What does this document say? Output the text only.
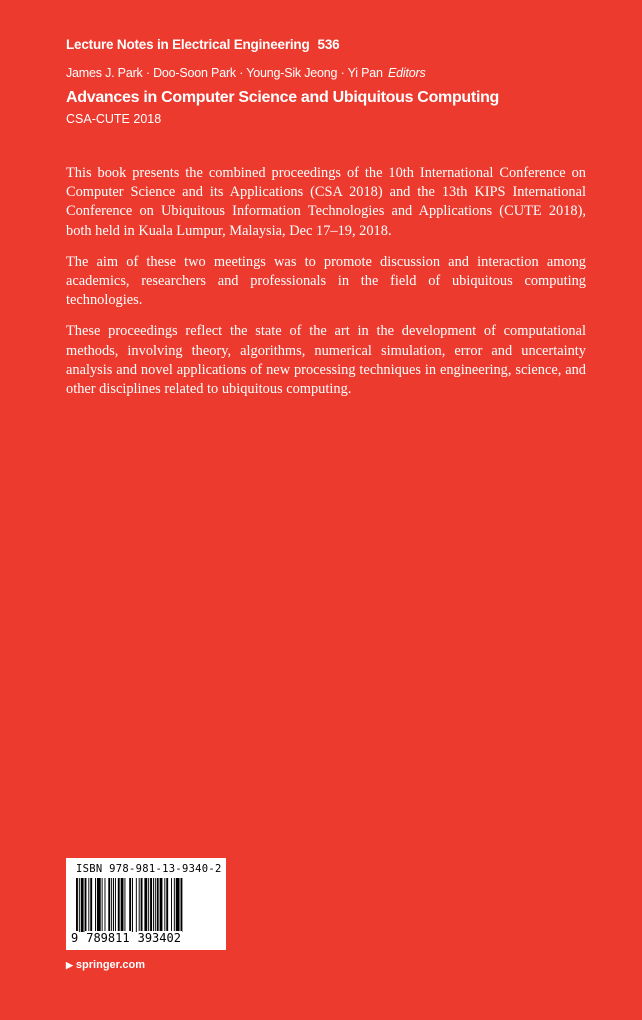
Lecture Notes in Electrical Engineering 536
James J. Park · Doo-Soon Park · Young-Sik Jeong · Yi Pan Editors
Advances in Computer Science and Ubiquitous Computing
CSA-CUTE 2018

This book presents the combined proceedings of the 10th International Conference on Computer Science and its Applications (CSA 2018) and the 13th KIPS International Conference on Ubiquitous Information Technologies and Applications (CUTE 2018), both held in Kuala Lumpur, Malaysia, Dec 17–19, 2018.

The aim of these two meetings was to promote discussion and interaction among academics, researchers and professionals in the field of ubiquitous computing technologies.

These proceedings reflect the state of the art in the development of computational methods, involving theory, algorithms, numerical simulation, error and uncertainty analysis and novel applications of new processing techniques in engineering, science, and other disciplines related to ubiquitous computing.

ISBN 978-981-13-9340-2
9 789811 393402
▶ springer.com
